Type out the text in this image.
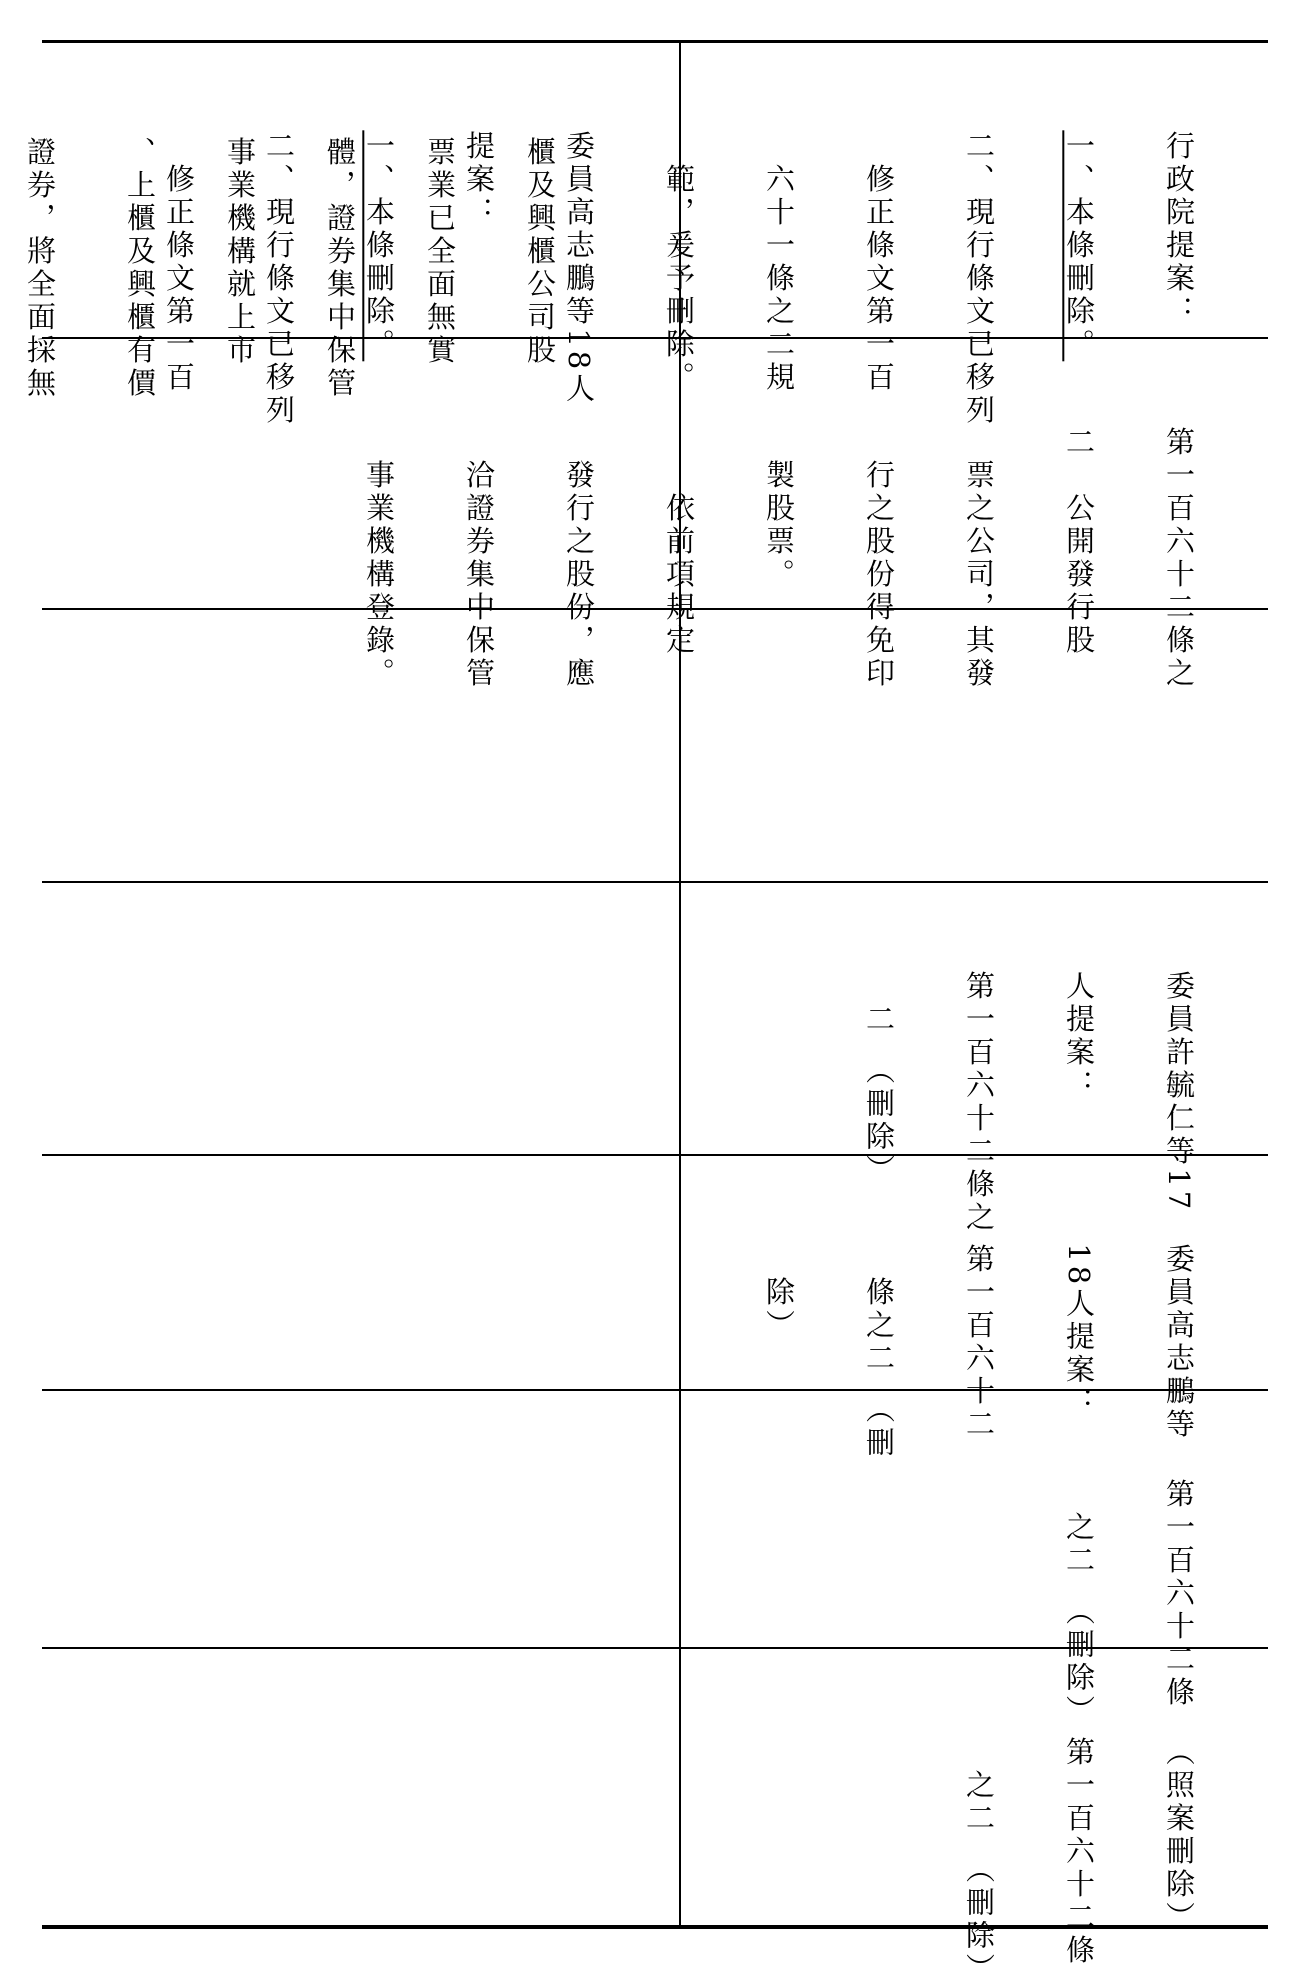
行政院提案：

一、本條刪除。

二、現行條文已移列

　修正條文第一百

　六十一條之二規

　範，爰予刪除。

委員高志鵬等18人

提案：

一、本條刪除。

二、現行條文已移列

　修正條文第一百
	櫃及興櫃公司股

票業已全面無實

體，證券集中保管

事業機構就上市

、上櫃及興櫃有價

證券，將全面採無

第一百六十二條之

二　公開發行股

　票之公司，其發

　行之股份得免印

　製股票。

　　依前項規定

　發行之股份，應

　洽證券集中保管

　事業機構登錄。

委員許毓仁等17

人提案：

第一百六十二條之

　二　（刪除）

委員高志鵬等

18人提案：

第一百六十二

　條之二　（刪

　除）

第一百六十二條

　之二　（刪除）

（照案刪除）

第一百六十二條

　之二　（刪除）
